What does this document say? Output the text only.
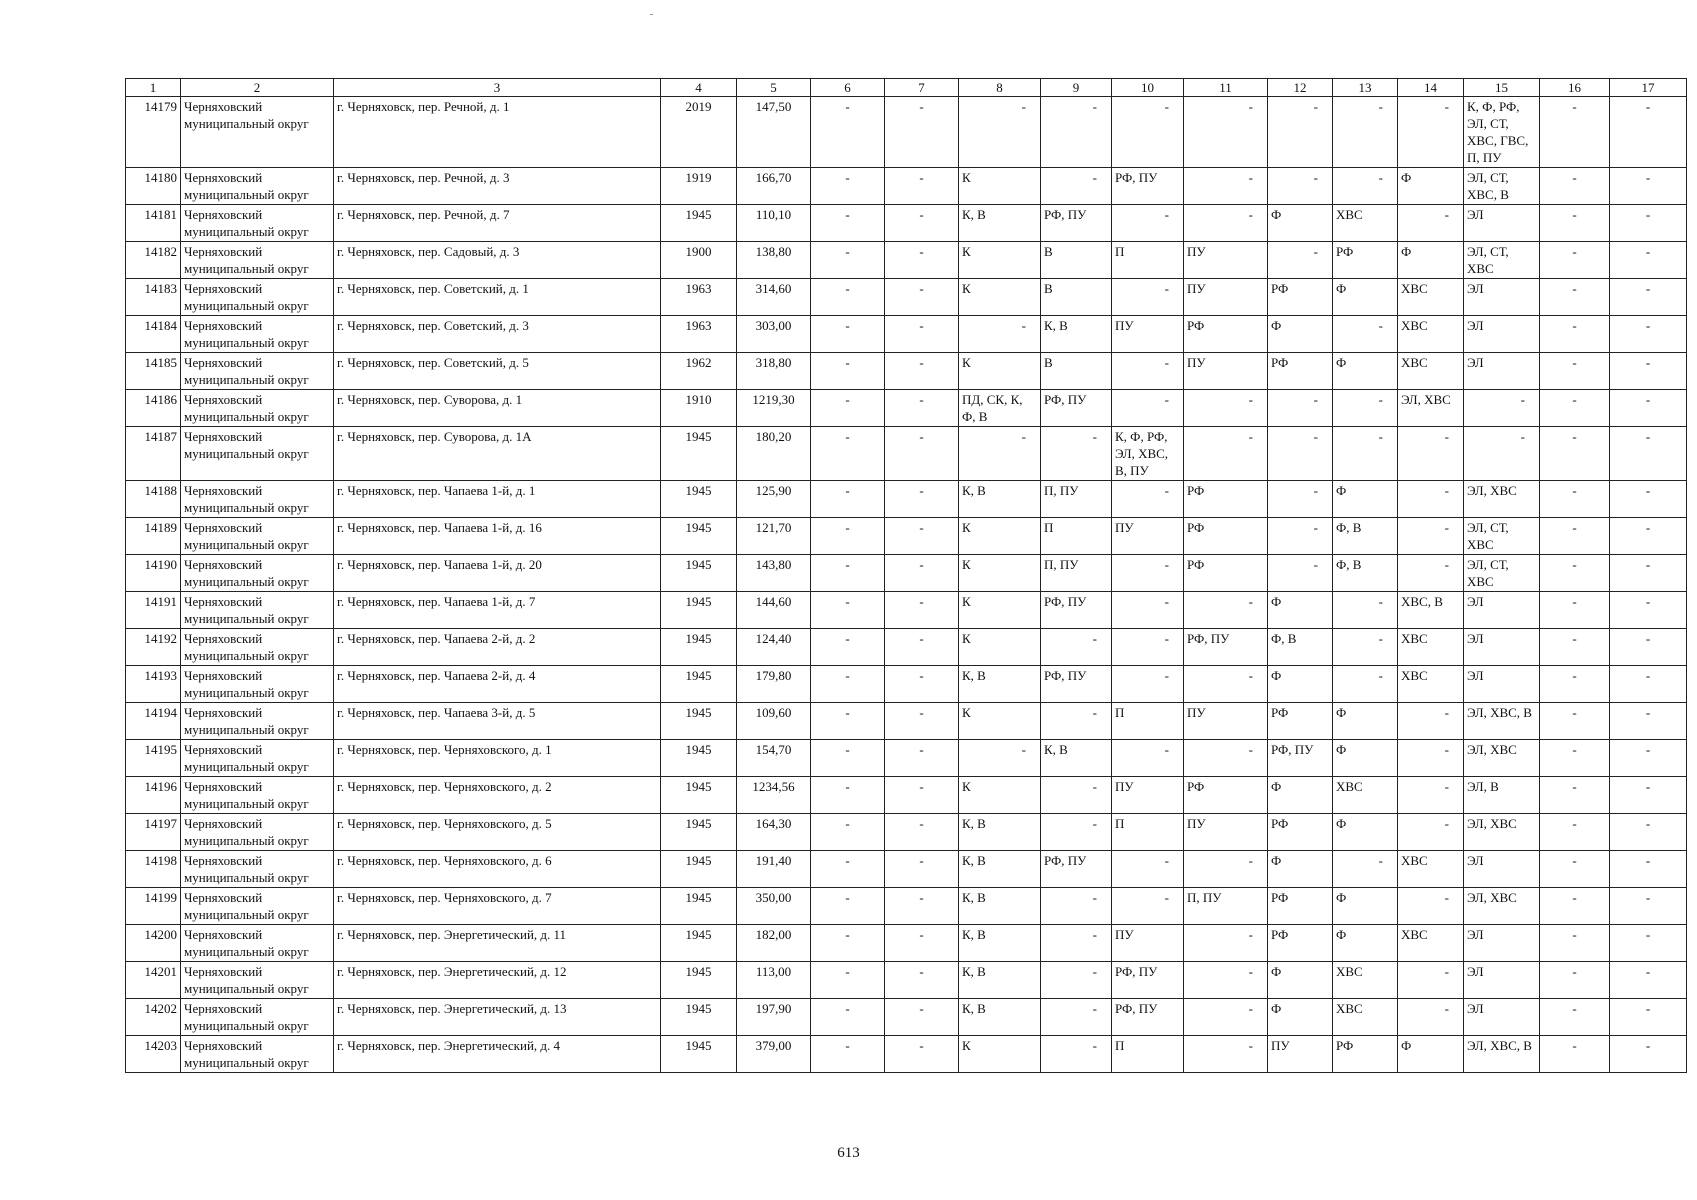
1	2	3	4	5	6	7	8	9	10	11	12	13	14	15	16	17
14179	Черняховский муниципальный округ	г. Черняховск, пер. Речной, д. 1	2019	147,50	-	-	-	-	-	-	-	-	-	К, Ф, РФ, ЭЛ, СТ, ХВС, ГВС, П, ПУ	-	-
14180	Черняховский муниципальный округ	г. Черняховск, пер. Речной, д. 3	1919	166,70	-	-	К	-	РФ, ПУ	-	-	-	Ф	ЭЛ, СТ, ХВС, В	-	-
14181	Черняховский муниципальный округ	г. Черняховск, пер. Речной, д. 7	1945	110,10	-	-	К, В	РФ, ПУ	-	-	Ф	ХВС	-	ЭЛ	-	-
14182	Черняховский муниципальный округ	г. Черняховск, пер. Садовый, д. 3	1900	138,80	-	-	К	В	П	ПУ	-	РФ	Ф	ЭЛ, СТ, ХВС	-	-
14183	Черняховский муниципальный округ	г. Черняховск, пер. Советский, д. 1	1963	314,60	-	-	К	В	-	ПУ	РФ	Ф	ХВС	ЭЛ	-	-
14184	Черняховский муниципальный округ	г. Черняховск, пер. Советский, д. 3	1963	303,00	-	-	-	К, В	ПУ	РФ	Ф	-	ХВС	ЭЛ	-	-
14185	Черняховский муниципальный округ	г. Черняховск, пер. Советский, д. 5	1962	318,80	-	-	К	В	-	ПУ	РФ	Ф	ХВС	ЭЛ	-	-
14186	Черняховский муниципальный округ	г. Черняховск, пер. Суворова, д. 1	1910	1219,30	-	-	ПД, СК, К, Ф, В	РФ, ПУ	-	-	-	-	ЭЛ, ХВС	-	-	-
14187	Черняховский муниципальный округ	г. Черняховск, пер. Суворова, д. 1А	1945	180,20	-	-	-	-	К, Ф, РФ, ЭЛ, ХВС, В, ПУ	-	-	-	-	-	-	-
14188	Черняховский муниципальный округ	г. Черняховск, пер. Чапаева 1-й, д. 1	1945	125,90	-	-	К, В	П, ПУ	-	РФ	-	Ф	-	ЭЛ, ХВС	-	-
14189	Черняховский муниципальный округ	г. Черняховск, пер. Чапаева 1-й, д. 16	1945	121,70	-	-	К	П	ПУ	РФ	-	Ф, В	-	ЭЛ, СТ, ХВС	-	-
14190	Черняховский муниципальный округ	г. Черняховск, пер. Чапаева 1-й, д. 20	1945	143,80	-	-	К	П, ПУ	-	РФ	-	Ф, В	-	ЭЛ, СТ, ХВС	-	-
14191	Черняховский муниципальный округ	г. Черняховск, пер. Чапаева 1-й, д. 7	1945	144,60	-	-	К	РФ, ПУ	-	-	Ф	-	ХВС, В	ЭЛ	-	-
14192	Черняховский муниципальный округ	г. Черняховск, пер. Чапаева 2-й, д. 2	1945	124,40	-	-	К	-	-	РФ, ПУ	Ф, В	-	ХВС	ЭЛ	-	-
14193	Черняховский муниципальный округ	г. Черняховск, пер. Чапаева 2-й, д. 4	1945	179,80	-	-	К, В	РФ, ПУ	-	-	Ф	-	ХВС	ЭЛ	-	-
14194	Черняховский муниципальный округ	г. Черняховск, пер. Чапаева 3-й, д. 5	1945	109,60	-	-	К	-	П	ПУ	РФ	Ф	-	ЭЛ, ХВС, В	-	-
14195	Черняховский муниципальный округ	г. Черняховск, пер. Черняховского, д. 1	1945	154,70	-	-	-	К, В	-	-	РФ, ПУ	Ф	-	ЭЛ, ХВС	-	-
14196	Черняховский муниципальный округ	г. Черняховск, пер. Черняховского, д. 2	1945	1234,56	-	-	К	-	ПУ	РФ	Ф	ХВС	-	ЭЛ, В	-	-
14197	Черняховский муниципальный округ	г. Черняховск, пер. Черняховского, д. 5	1945	164,30	-	-	К, В	-	П	ПУ	РФ	Ф	-	ЭЛ, ХВС	-	-
14198	Черняховский муниципальный округ	г. Черняховск, пер. Черняховского, д. 6	1945	191,40	-	-	К, В	РФ, ПУ	-	-	Ф	-	ХВС	ЭЛ	-	-
14199	Черняховский муниципальный округ	г. Черняховск, пер. Черняховского, д. 7	1945	350,00	-	-	К, В	-	-	П, ПУ	РФ	Ф	-	ЭЛ, ХВС	-	-
14200	Черняховский муниципальный округ	г. Черняховск, пер. Энергетический, д. 11	1945	182,00	-	-	К, В	-	ПУ	-	РФ	Ф	ХВС	ЭЛ	-	-
14201	Черняховский муниципальный округ	г. Черняховск, пер. Энергетический, д. 12	1945	113,00	-	-	К, В	-	РФ, ПУ	-	Ф	ХВС	-	ЭЛ	-	-
14202	Черняховский муниципальный округ	г. Черняховск, пер. Энергетический, д. 13	1945	197,90	-	-	К, В	-	РФ, ПУ	-	Ф	ХВС	-	ЭЛ	-	-
14203	Черняховский муниципальный округ	г. Черняховск, пер. Энергетический, д. 4	1945	379,00	-	-	К	-	П	-	ПУ	РФ	Ф	ЭЛ, ХВС, В	-	-
613
